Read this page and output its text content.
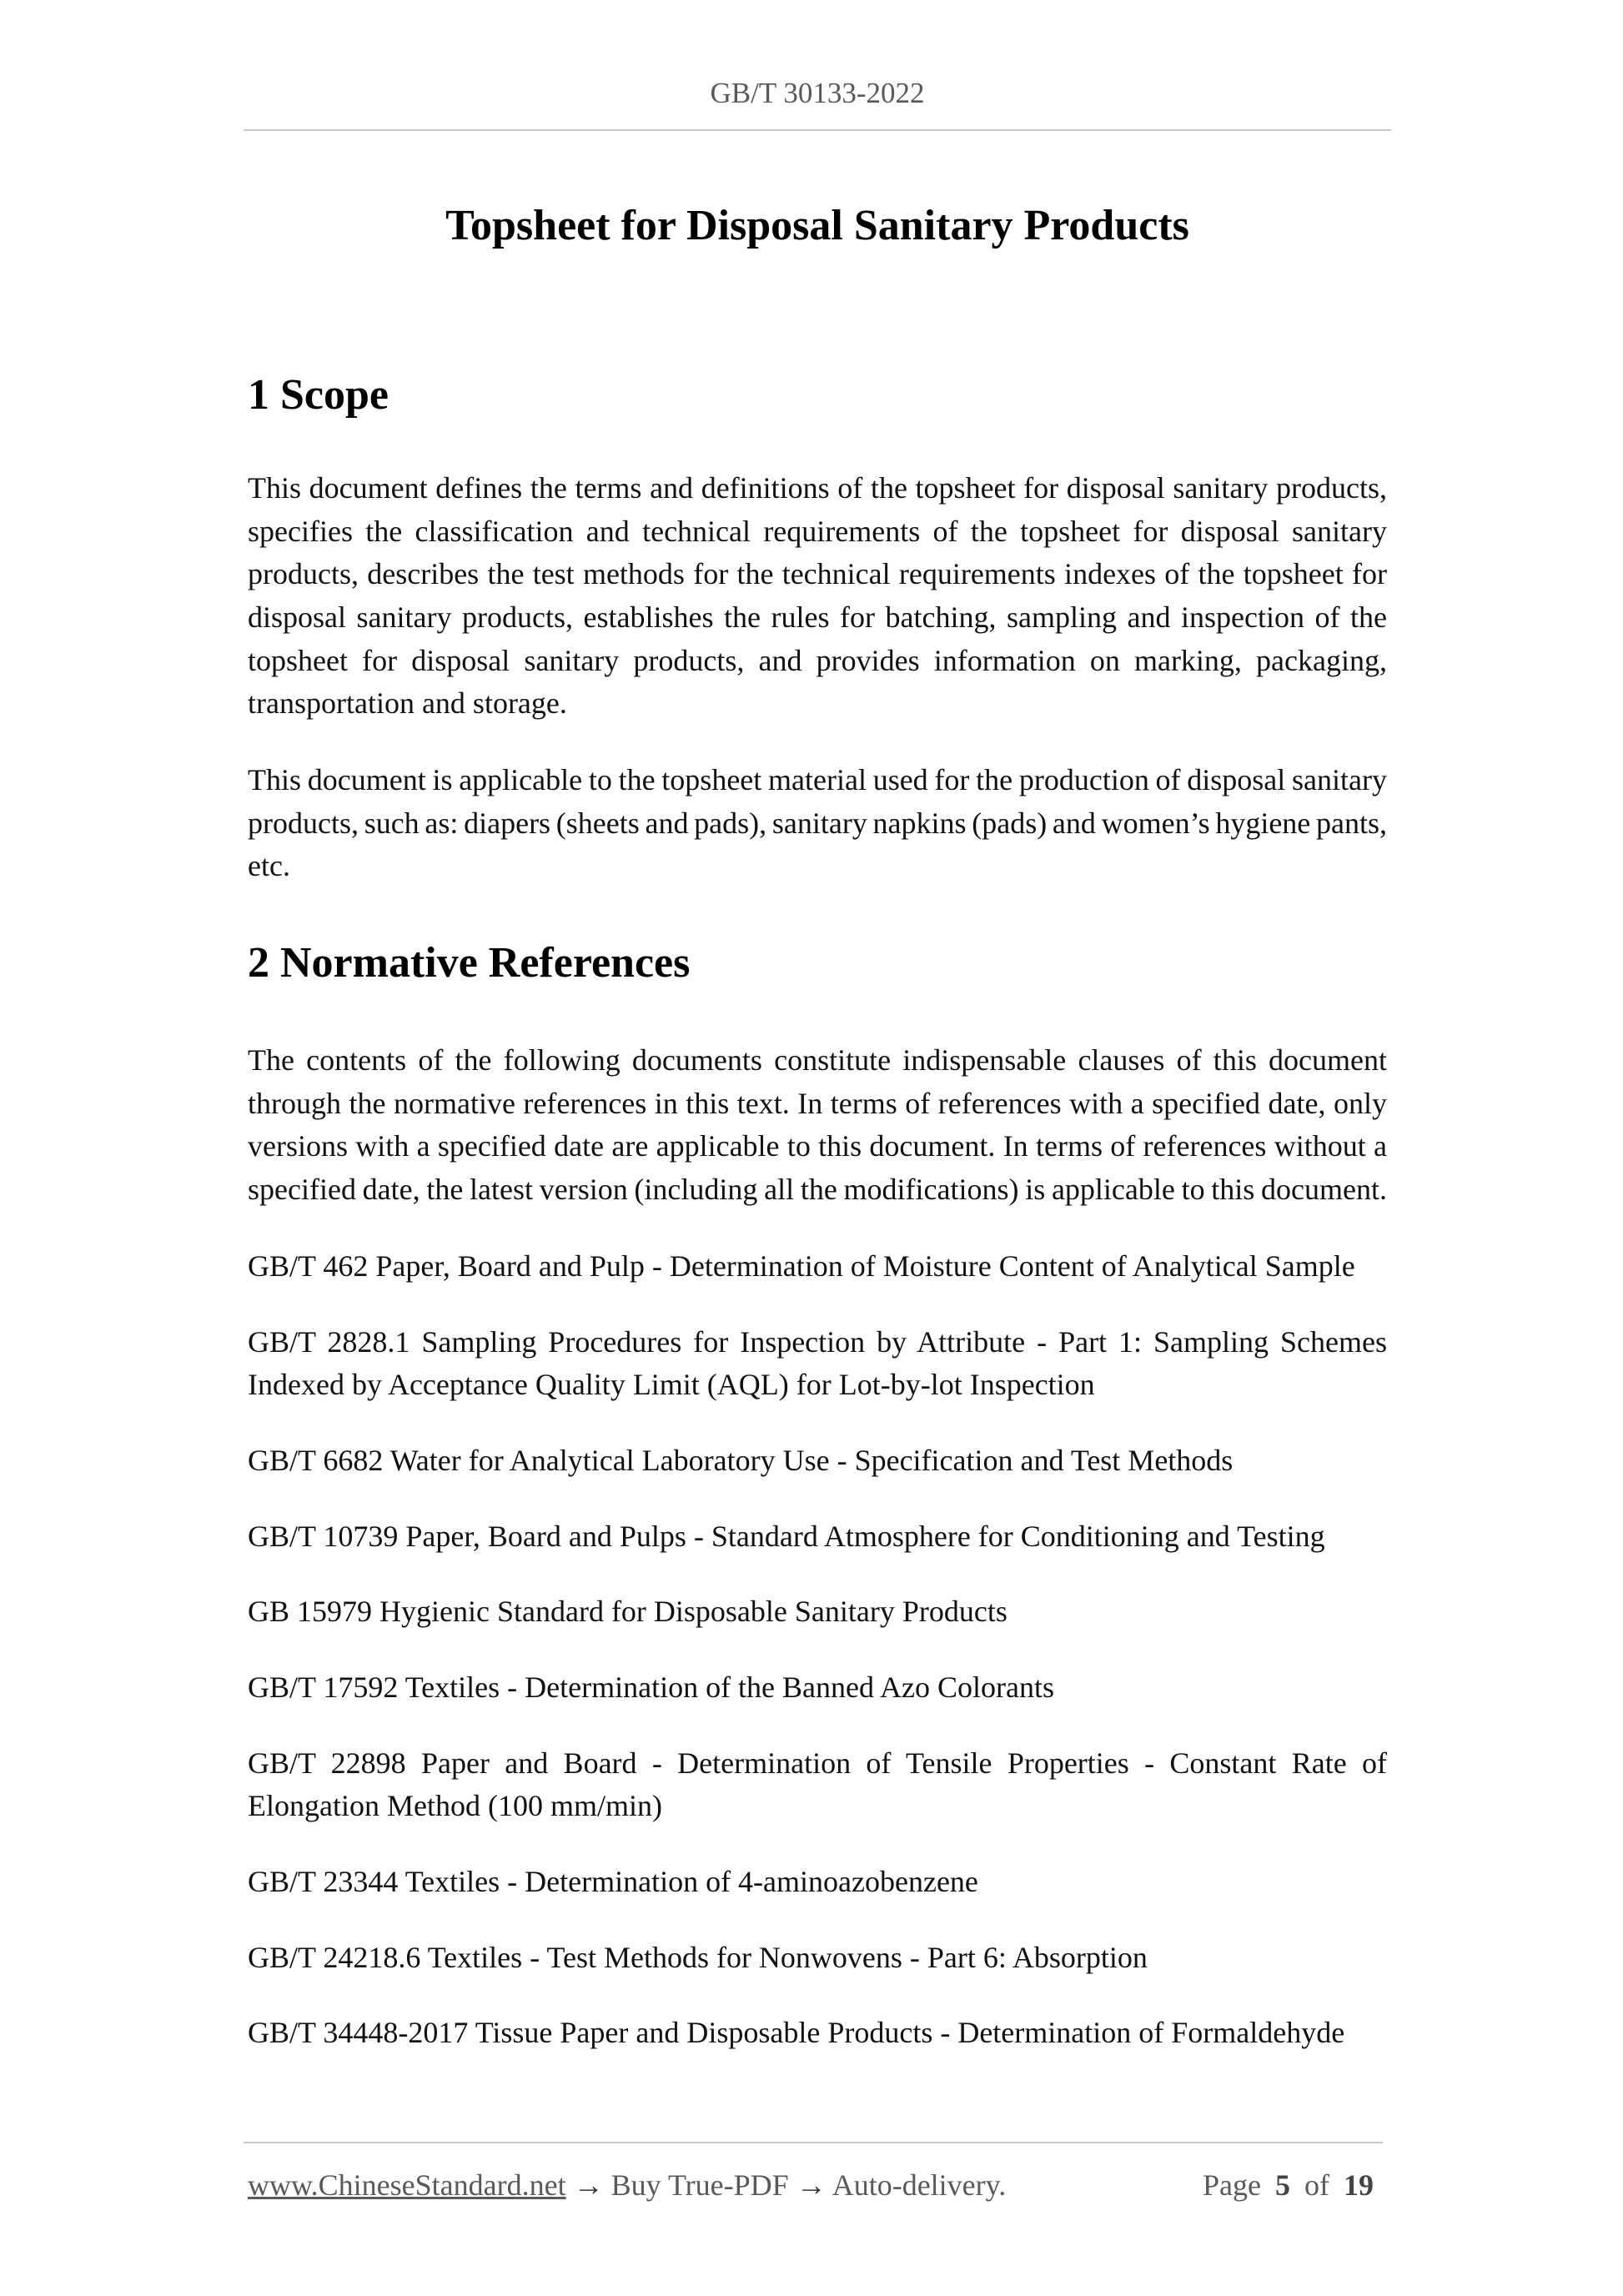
GB/T 30133-2022
Topsheet for Disposal Sanitary Products
1 Scope
This document defines the terms and definitions of the topsheet for disposal sanitary products,
specifies the classification and technical requirements of the topsheet for disposal sanitary
products, describes the test methods for the technical requirements indexes of the topsheet for
disposal sanitary products, establishes the rules for batching, sampling and inspection of the
topsheet for disposal sanitary products, and provides information on marking, packaging,
transportation and storage.
This document is applicable to the topsheet material used for the production of disposal sanitary
products, such as: diapers (sheets and pads), sanitary napkins (pads) and women’s hygiene pants,
etc.
2 Normative References
The contents of the following documents constitute indispensable clauses of this document
through the normative references in this text. In terms of references with a specified date, only
versions with a specified date are applicable to this document. In terms of references without a
specified date, the latest version (including all the modifications) is applicable to this document.
GB/T 462 Paper, Board and Pulp - Determination of Moisture Content of Analytical Sample
GB/T 2828.1 Sampling Procedures for Inspection by Attribute - Part 1: Sampling Schemes
Indexed by Acceptance Quality Limit (AQL) for Lot-by-lot Inspection
GB/T 6682 Water for Analytical Laboratory Use - Specification and Test Methods
GB/T 10739 Paper, Board and Pulps - Standard Atmosphere for Conditioning and Testing
GB 15979 Hygienic Standard for Disposable Sanitary Products
GB/T 17592 Textiles - Determination of the Banned Azo Colorants
GB/T 22898 Paper and Board - Determination of Tensile Properties - Constant Rate of
Elongation Method (100 mm/min)
GB/T 23344 Textiles - Determination of 4-aminoazobenzene
GB/T 24218.6 Textiles - Test Methods for Nonwovens - Part 6: Absorption
GB/T 34448-2017 Tissue Paper and Disposable Products - Determination of Formaldehyde
www.ChineseStandard.net → Buy True-PDF → Auto-delivery.	Page 5 of 19
